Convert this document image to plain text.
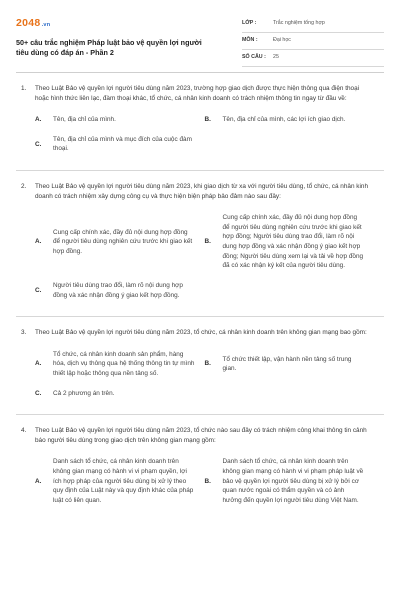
2048.vn
50+ câu trắc nghiệm Pháp luật bảo vệ quyền lợi người tiêu dùng có đáp án - Phần 2
LỚP :	Trắc nghiệm tổng hợp
MÔN :	Đại học
SỐ CÂU :	25
1.	Theo Luật Bảo vệ quyền lợi người tiêu dùng năm 2023, trường hợp giao dịch được thực hiện thông qua điện thoại hoặc hình thức liên lạc, đàm thoại khác, tổ chức, cá nhân kinh doanh có trách nhiệm thông tin ngay từ đầu về:
A.	Tên, địa chỉ của mình.	B.	Tên, địa chỉ của mình, các lợi ích giao dịch.
C.
Tên, địa chỉ của mình và mục đích của cuộc đàm thoại.
2.	Theo Luật Bảo vệ quyền lợi người tiêu dùng năm 2023, khi giao dịch từ xa với người tiêu dùng, tổ chức, cá nhân kinh doanh có trách nhiệm xây dựng công cụ và thực hiện biện pháp bảo đảm nào sau đây:
A.
Cung cấp chính xác, đầy đủ nội dung hợp đồng để người tiêu dùng nghiên cứu trước khi giao kết hợp đồng.
B.
Cung cấp chính xác, đầy đủ nội dung hợp đồng để người tiêu dùng nghiên cứu trước khi giao kết hợp đồng; Người tiêu dùng trao đổi, làm rõ nội dung hợp đồng và xác nhận đồng ý giao kết hợp đồng; Người tiêu dùng xem lại và tải về hợp đồng đã có xác nhận ký kết của người tiêu dùng.
C.
Người tiêu dùng trao đổi, làm rõ nội dung hợp đồng và xác nhận đồng ý giao kết hợp đồng.
3.	Theo Luật Bảo vệ quyền lợi người tiêu dùng năm 2023, tổ chức, cá nhân kinh doanh trên không gian mạng bao gồm:
A.
Tổ chức, cá nhân kinh doanh sản phẩm, hàng hóa, dịch vụ thông qua hệ thống thông tin tự mình thiết lập hoặc thông qua nền tảng số.
B.
Tổ chức thiết lập, vận hành nền tảng số trung gian.
C.	Cả 2 phương án trên.
4.	Theo Luật Bảo vệ quyền lợi người tiêu dùng năm 2023, tổ chức nào sau đây có trách nhiệm công khai thông tin cảnh báo người tiêu dùng trong giao dịch trên không gian mạng gồm:
A.
Danh sách tổ chức, cá nhân kinh doanh trên không gian mạng có hành vi vi phạm quyền, lợi ích hợp pháp của người tiêu dùng bị xử lý theo quy định của Luật này và quy định khác của pháp luật có liên quan.
B.
Danh sách tổ chức, cá nhân kinh doanh trên không gian mạng có hành vi vi phạm pháp luật về bảo vệ quyền lợi người tiêu dùng bị xử lý bởi cơ quan nước ngoài có thẩm quyền và có ảnh hưởng đến quyền lợi người tiêu dùng Việt Nam.
